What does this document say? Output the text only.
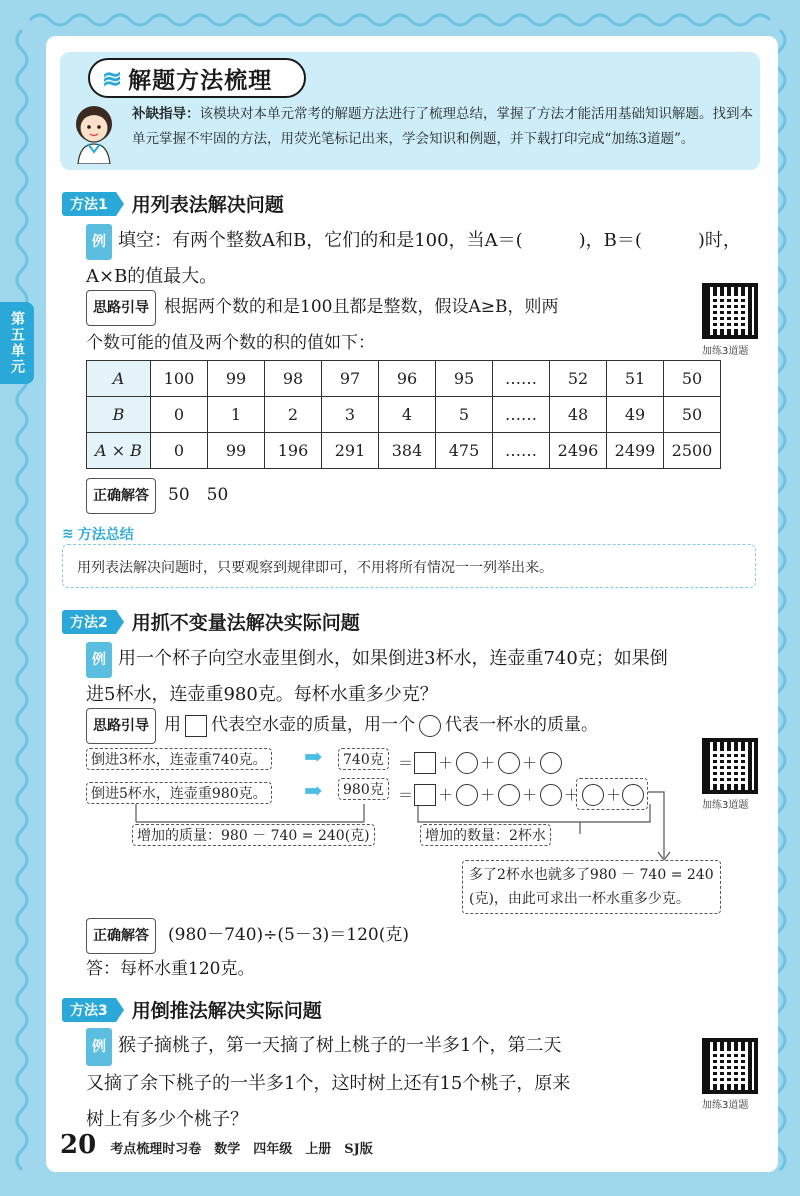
≋ 解题方法梳理
补缺指导：该模块对本单元常考的解题方法进行了梳理总结，掌握了方法才能活用基础知识解题。找到本单元掌握不牢固的方法，用荧光笔标记出来，学会知识和例题，并下载打印完成“加练3道题”。
第五单元
方法1	用列表法解决问题
例 填空：有两个整数A和B，它们的和是100，当A＝(	)，B＝(	)时，
A×B的值最大。
思路引导 根据两个数的和是100且都是整数，假设A≥B，则两
个数可能的值及两个数的积的值如下：	加练3道题
A	100	99	98	97	96	95	……	52	51	50
B	0	1	2	3	4	5	……	48	49	50
A × B	0	99	196	291	384	475	……	2496	2499	2500
正确解答 50　50
≋ 方法总结
用列表法解决问题时，只要观察到规律即可，不用将所有情况一一列举出来。
方法2	用抓不变量法解决实际问题
例 用一个杯子向空水壶里倒水，如果倒进3杯水，连壶重740克；如果倒
进5杯水，连壶重980克。每杯水重多少克？
思路引导 用 代表空水壶的质量，用一个 代表一杯水的质量。
加练3道题
倒进3杯水，连壶重740克。
倒进5杯水，连壶重980克。
➡
➡
740克
980克
＝ ＋ ＋ ＋
＝ ＋ ＋ ＋ ＋ ＋
增加的质量：980 － 740 = 240(克)	增加的数量：2杯水
多了2杯水也就多了980 － 740 = 240
(克)，由此可求出一杯水重多少克。
正确解答 (980－740)÷(5－3)＝120(克)
答：每杯水重120克。
方法3	用倒推法解决实际问题
例 猴子摘桃子，第一天摘了树上桃子的一半多1个，第二天
又摘了余下桃子的一半多1个，这时树上还有15个桃子，原来
树上有多少个桃子？
加练3道题
20 考点梳理时习卷　数学　四年级　上册　SJ版
